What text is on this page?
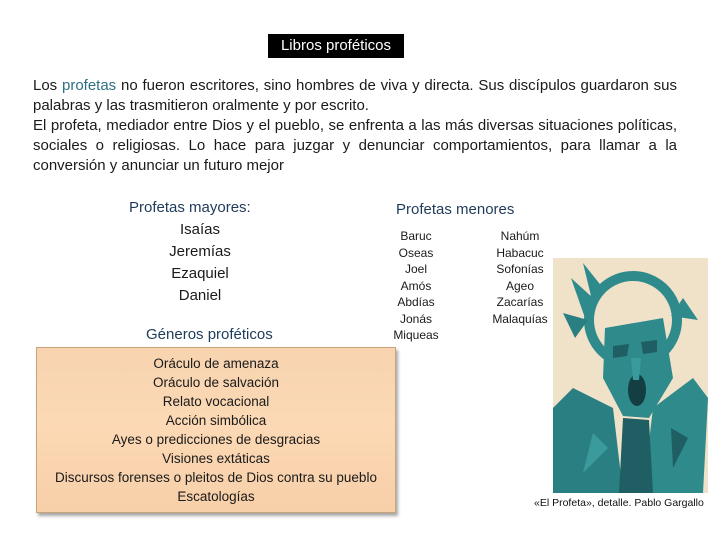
Libros proféticos

Los profetas no fueron escritores, sino hombres de viva y directa. Sus discípulos guardaron sus palabras y las trasmitieron oralmente y por escrito.

El profeta, mediador entre Dios y el pueblo, se enfrenta a las más diversas situaciones políticas, sociales o religiosas. Lo hace para juzgar y denunciar comportamientos, para llamar a la conversión y anunciar un futuro mejor

Profetas mayores:
Isaías
Jeremías
Ezaquiel
Daniel
Profetas menores
Baruc
Oseas
Joel
Amós
Abdías
Jonás
Miqueas
Nahúm
Habacuc
Sofonías
Ageo
Zacarías
Malaquías
Géneros proféticos
Oráculo de amenaza
Oráculo de salvación
Relato vocacional
Acción simbólica
Ayes o predicciones de desgracias
Visiones extáticas
Discursos forenses o pleitos de Dios contra su pueblo
Escatologías	«El Profeta», detalle. Pablo Gargallo
